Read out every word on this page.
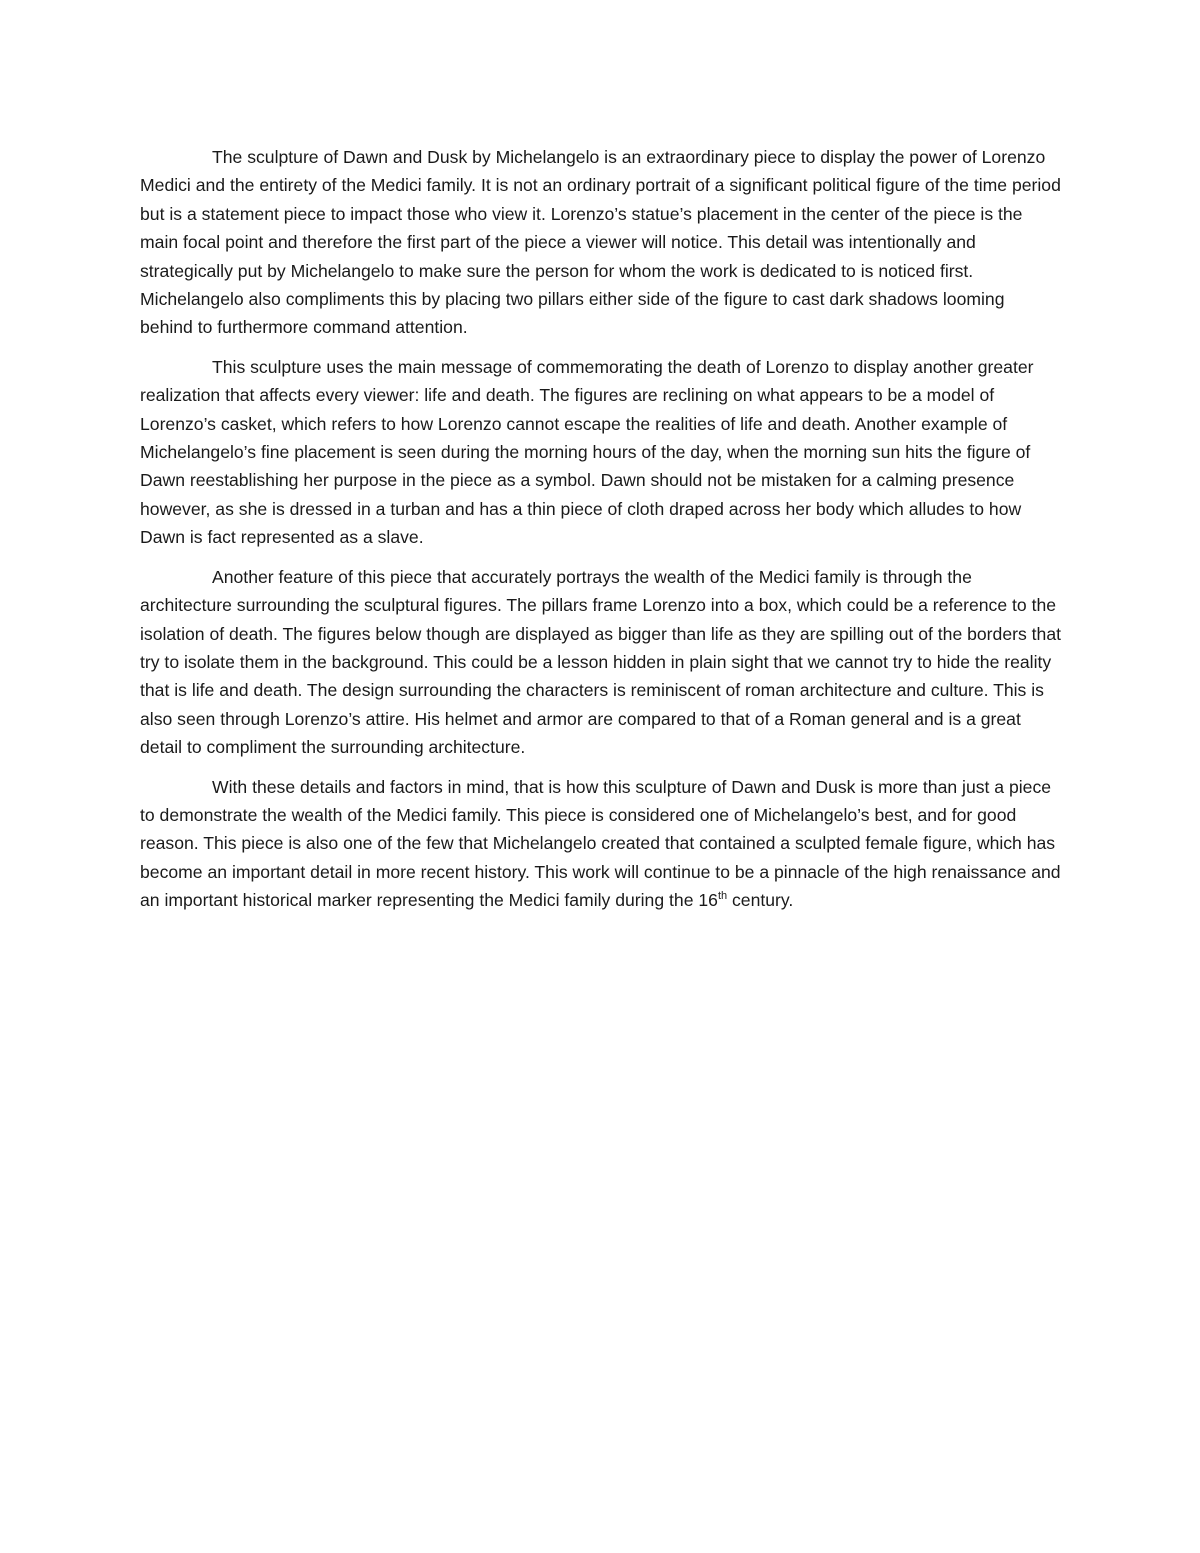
The sculpture of Dawn and Dusk by Michelangelo is an extraordinary piece to display the power of Lorenzo Medici and the entirety of the Medici family. It is not an ordinary portrait of a significant political figure of the time period but is a statement piece to impact those who view it. Lorenzo’s statue’s placement in the center of the piece is the main focal point and therefore the first part of the piece a viewer will notice. This detail was intentionally and strategically put by Michelangelo to make sure the person for whom the work is dedicated to is noticed first. Michelangelo also compliments this by placing two pillars either side of the figure to cast dark shadows looming behind to furthermore command attention.

This sculpture uses the main message of commemorating the death of Lorenzo to display another greater realization that affects every viewer: life and death. The figures are reclining on what appears to be a model of Lorenzo’s casket, which refers to how Lorenzo cannot escape the realities of life and death. Another example of Michelangelo’s fine placement is seen during the morning hours of the day, when the morning sun hits the figure of Dawn reestablishing her purpose in the piece as a symbol. Dawn should not be mistaken for a calming presence however, as she is dressed in a turban and has a thin piece of cloth draped across her body which alludes to how Dawn is fact represented as a slave.

Another feature of this piece that accurately portrays the wealth of the Medici family is through the architecture surrounding the sculptural figures. The pillars frame Lorenzo into a box, which could be a reference to the isolation of death. The figures below though are displayed as bigger than life as they are spilling out of the borders that try to isolate them in the background. This could be a lesson hidden in plain sight that we cannot try to hide the reality that is life and death. The design surrounding the characters is reminiscent of roman architecture and culture. This is also seen through Lorenzo’s attire. His helmet and armor are compared to that of a Roman general and is a great detail to compliment the surrounding architecture.

With these details and factors in mind, that is how this sculpture of Dawn and Dusk is more than just a piece to demonstrate the wealth of the Medici family. This piece is considered one of Michelangelo’s best, and for good reason. This piece is also one of the few that Michelangelo created that contained a sculpted female figure, which has become an important detail in more recent history. This work will continue to be a pinnacle of the high renaissance and an important historical marker representing the Medici family during the 16th century.
